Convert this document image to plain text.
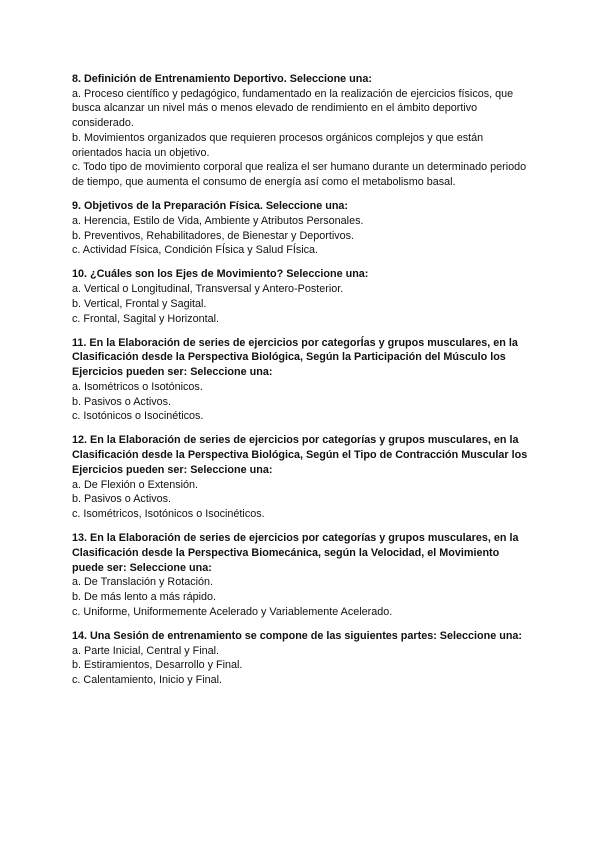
8. Definición de Entrenamiento Deportivo. Seleccione una:

a. Proceso científico y pedagógico, fundamentado en la realización de ejercicios físicos, que busca alcanzar un nivel más o menos elevado de rendimiento en el ámbito deportivo considerado.

b. Movimientos organizados que requieren procesos orgánicos complejos y que están orientados hacia un objetivo.

c. Todo tipo de movimiento corporal que realiza el ser humano durante un determinado periodo de tiempo, que aumenta el consumo de energía así como el metabolismo basal.

9. Objetivos de la Preparación Física. Seleccione una:

a. Herencia, Estilo de Vida, Ambiente y Atributos Personales.

b. Preventivos, Rehabilitadores, de Bienestar y Deportivos.

c. Actividad Física, Condición FÍsica y Salud FÍsica.

10. ¿Cuáles son los Ejes de Movimiento? Seleccione una:

a. Vertical o Longitudinal, Transversal y Antero-Posterior.

b. Vertical, Frontal y Sagital.

c. Frontal, Sagital y Horizontal.

11. En la Elaboración de series de ejercicios por categorÍas y grupos musculares, en la Clasificación desde la Perspectiva Biológica, Según la Participación del Músculo los Ejercicios pueden ser: Seleccione una:

a. Isométricos o Isotónicos.

b. Pasivos o Activos.

c. Isotónicos o Isocinéticos.

12. En la Elaboración de series de ejercicios por categorías y grupos musculares, en la Clasificación desde la Perspectiva Biológica, Según el Tipo de Contracción Muscular los Ejercicios pueden ser: Seleccione una:

a. De Flexión o Extensión.

b. Pasivos o Activos.

c. Isométricos, Isotónicos o Isocinéticos.

13. En la Elaboración de series de ejercicios por categorías y grupos musculares, en la Clasificación desde la Perspectiva Biomecánica, según la Velocidad, el Movimiento puede ser: Seleccione una:

a. De Translación y Rotación.

b. De más lento a más rápido.

c. Uniforme, Uniformemente Acelerado y Variablemente Acelerado.

14. Una Sesión de entrenamiento se compone de las siguientes partes: Seleccione una:

a. Parte Inicial, Central y Final.

b. Estiramientos, Desarrollo y Final.

c. Calentamiento, Inicio y Final.
